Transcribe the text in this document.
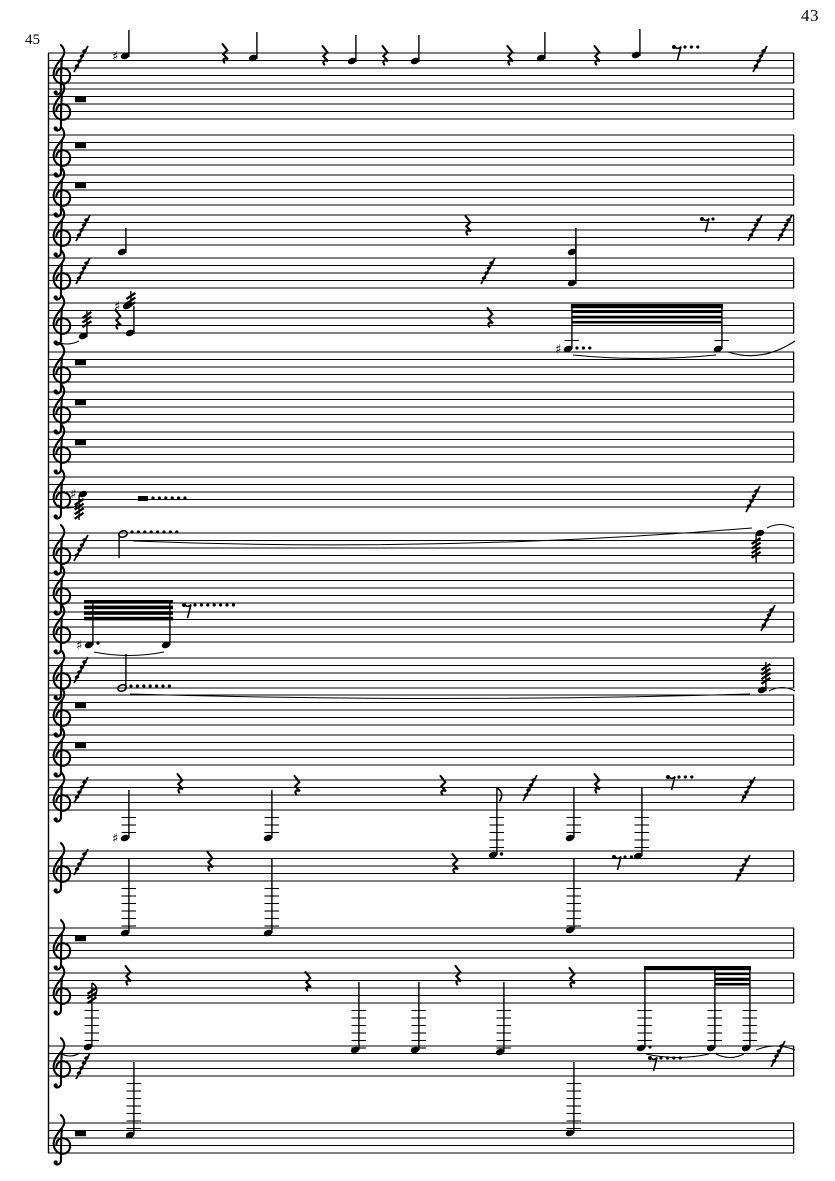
43
45
♯
♯
♯
♯
♯
♯
